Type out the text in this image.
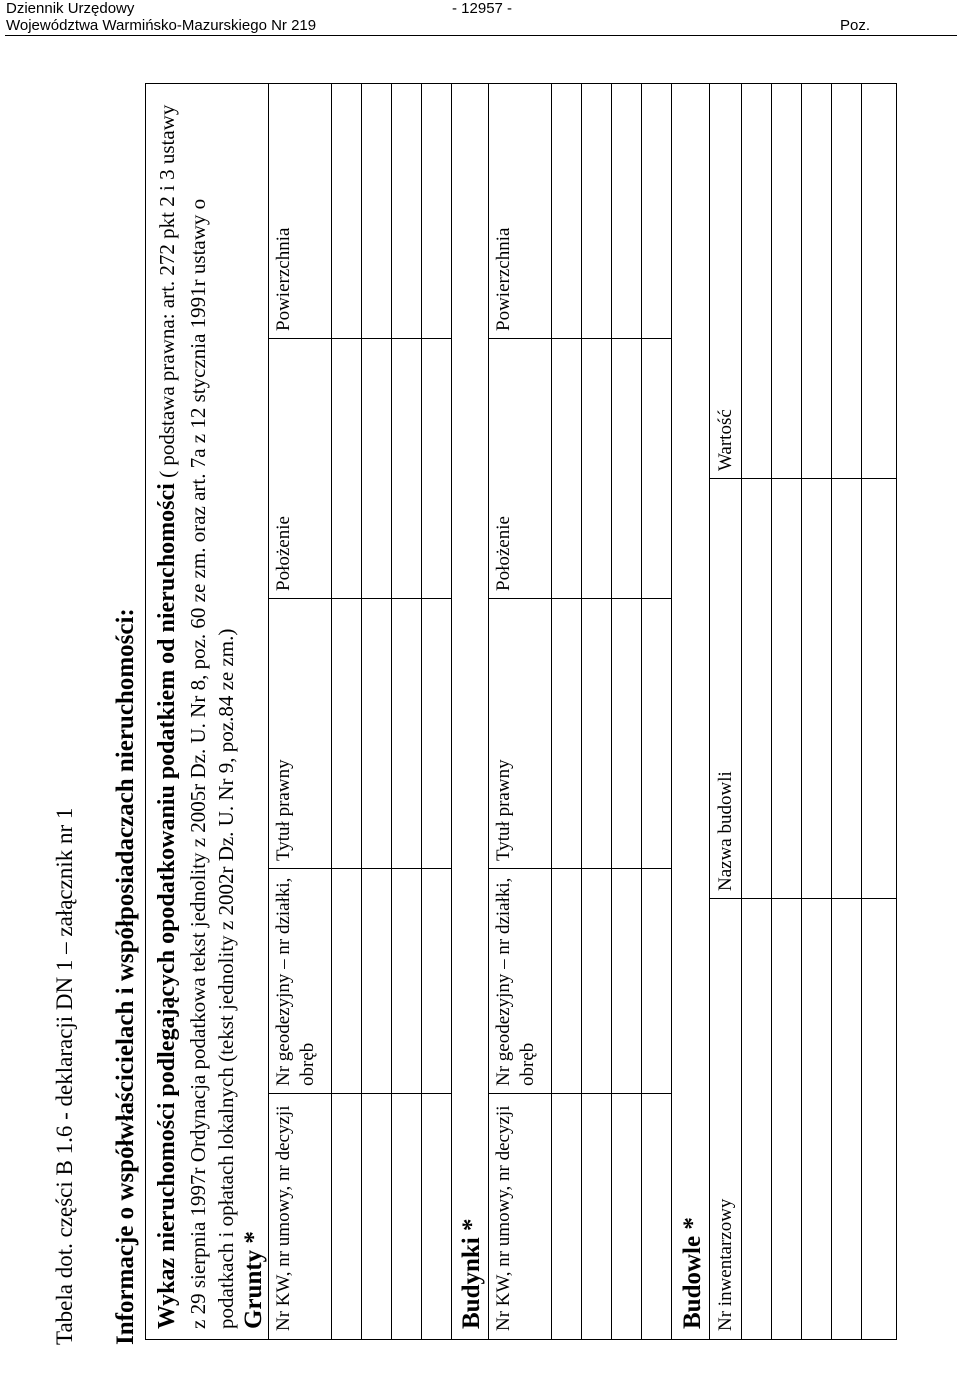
Dziennik Urzędowy
Województwa Warmińsko-Mazurskiego Nr 219
- 12957 -
Poz.
Tabela dot. części B 1.6 - deklaracji DN 1 – załącznik nr 1 Informacje o współwłaścicielach i współposiadaczach nieruchomości: Wykaz nieruchomości podlegających opodatkowaniu podatkiem od nieruchomości ( podstawa prawna: art. 272 pkt 2 i 3 ustawy z 29 sierpnia 1997r Ordynacja podatkowa tekst jednolity z 2005r Dz. U. Nr 8, poz. 60 ze zm. oraz art. 7a z 12 stycznia 1991r ustawy o podatkach i opłatach lokalnych (tekst jednolity z 2002r Dz. U. Nr 9, poz.84 ze zm.) Grunty * Nr KW, nr umowy, nr decyzji
Nr geodezyjny – nr działki, obręb
Tytuł prawny
Położenie
Powierzchnia
Budynki * Nr KW, nr umowy, nr decyzji
Nr geodezyjny – nr działki, obręb
Tytuł prawny
Położenie
Powierzchnia
Budowle * Nr inwentarzowy
Nazwa budowli
Wartość
